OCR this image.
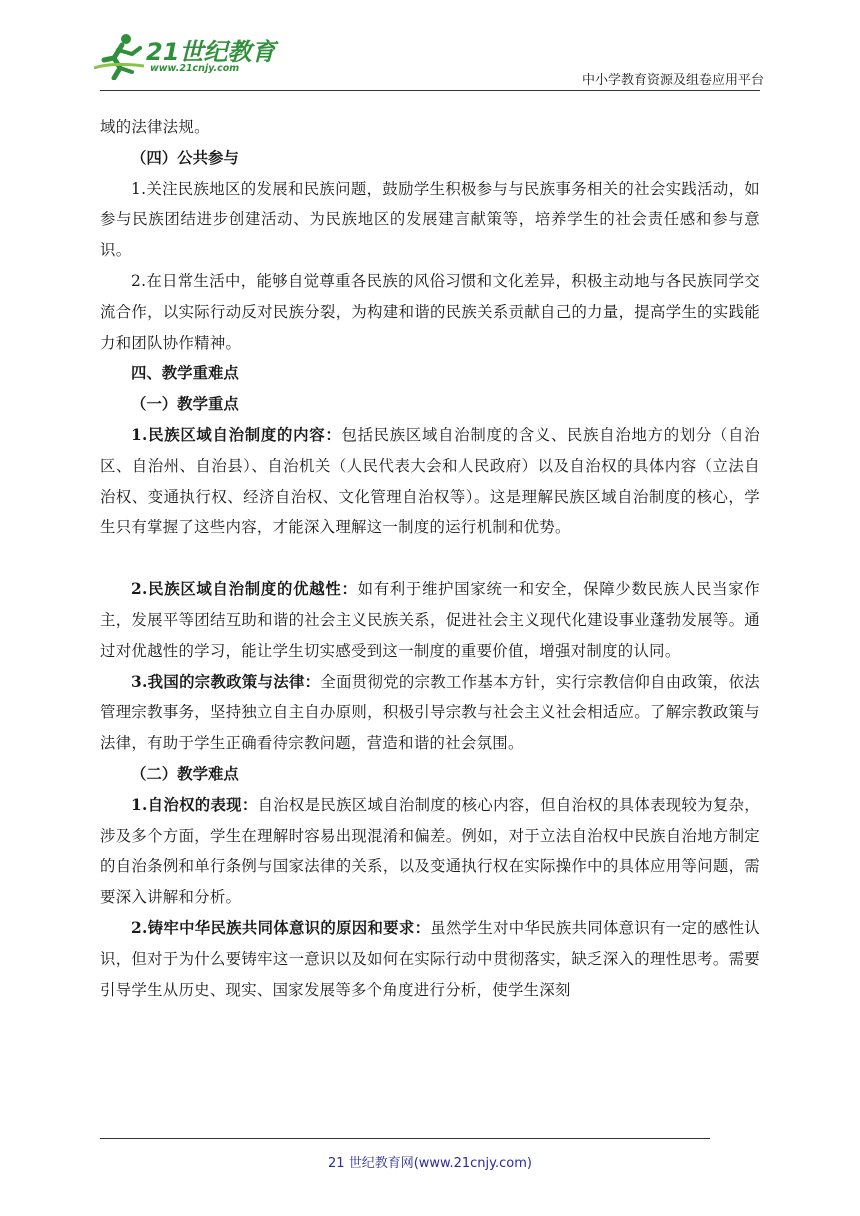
21世纪教育
www.21cnjy.com
中小学教育资源及组卷应用平台

域的法律法规。

（四）公共参与

1.关注民族地区的发展和民族问题，鼓励学生积极参与与民族事务相关的社会实践活动，如参与民族团结进步创建活动、为民族地区的发展建言献策等，培养学生的社会责任感和参与意识。

2.在日常生活中，能够自觉尊重各民族的风俗习惯和文化差异，积极主动地与各民族同学交流合作，以实际行动反对民族分裂，为构建和谐的民族关系贡献自己的力量，提高学生的实践能力和团队协作精神。

四、教学重难点

（一）教学重点

1.民族区域自治制度的内容：包括民族区域自治制度的含义、民族自治地方的划分（自治区、自治州、自治县）、自治机关（人民代表大会和人民政府）以及自治权的具体内容（立法自治权、变通执行权、经济自治权、文化管理自治权等）。这是理解民族区域自治制度的核心，学生只有掌握了这些内容，才能深入理解这一制度的运行机制和优势。

2.民族区域自治制度的优越性：如有利于维护国家统一和安全，保障少数民族人民当家作主，发展平等团结互助和谐的社会主义民族关系，促进社会主义现代化建设事业蓬勃发展等。通过对优越性的学习，能让学生切实感受到这一制度的重要价值，增强对制度的认同。

3.我国的宗教政策与法律：全面贯彻党的宗教工作基本方针，实行宗教信仰自由政策，依法管理宗教事务，坚持独立自主自办原则，积极引导宗教与社会主义社会相适应。了解宗教政策与法律，有助于学生正确看待宗教问题，营造和谐的社会氛围。

（二）教学难点

1.自治权的表现：自治权是民族区域自治制度的核心内容，但自治权的具体表现较为复杂，涉及多个方面，学生在理解时容易出现混淆和偏差。例如，对于立法自治权中民族自治地方制定的自治条例和单行条例与国家法律的关系，以及变通执行权在实际操作中的具体应用等问题，需要深入讲解和分析。

2.铸牢中华民族共同体意识的原因和要求：虽然学生对中华民族共同体意识有一定的感性认识，但对于为什么要铸牢这一意识以及如何在实际行动中贯彻落实，缺乏深入的理性思考。需要引导学生从历史、现实、国家发展等多个角度进行分析，使学生深刻

21 世纪教育网(www.21cnjy.com)
